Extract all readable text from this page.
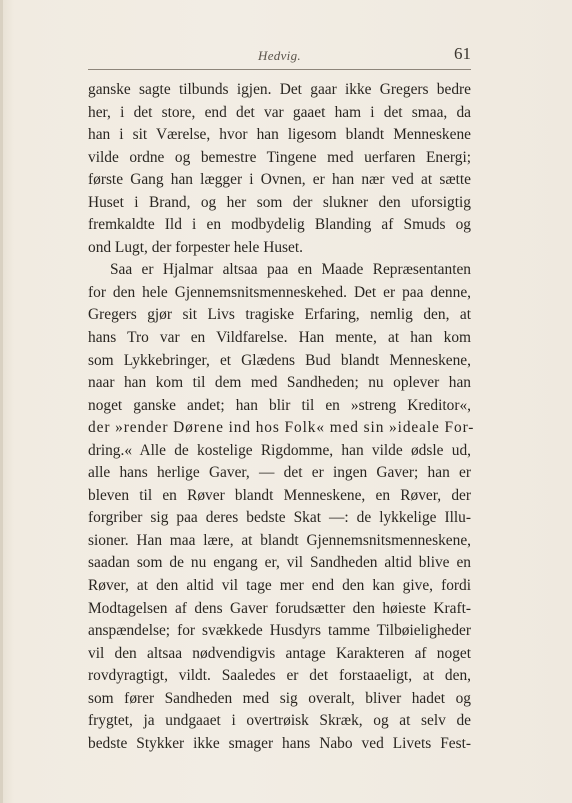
Hedvig.	61
ganske sagte tilbunds igjen. Det gaar ikke Gregers bedre
her, i det store, end det var gaaet ham i det smaa, da
han i sit Værelse, hvor han ligesom blandt Menneskene
vilde ordne og bemestre Tingene med uerfaren Energi;
første Gang han lægger i Ovnen, er han nær ved at sætte
Huset i Brand, og her som der slukner den uforsigtig
fremkaldte Ild i en modbydelig Blanding af Smuds og
ond Lugt, der forpester hele Huset.
Saa er Hjalmar altsaa paa en Maade Repræsentanten
for den hele Gjennemsnitsmenneskehed. Det er paa denne,
Gregers gjør sit Livs tragiske Erfaring, nemlig den, at
hans Tro var en Vildfarelse. Han mente, at han kom
som Lykkebringer, et Glædens Bud blandt Menneskene,
naar han kom til dem med Sandheden; nu oplever han
noget ganske andet; han blir til en »streng Kreditor«,
der »render Dørene ind hos Folk« med sin »ideale For-
dring.« Alle de kostelige Rigdomme, han vilde ødsle ud,
alle hans herlige Gaver, — det er ingen Gaver; han er
bleven til en Røver blandt Menneskene, en Røver, der
forgriber sig paa deres bedste Skat —: de lykkelige Illu-
sioner. Han maa lære, at blandt Gjennemsnitsmenneskene,
saadan som de nu engang er, vil Sandheden altid blive en
Røver, at den altid vil tage mer end den kan give, fordi
Modtagelsen af dens Gaver forudsætter den høieste Kraft-
anspændelse; for svækkede Husdyrs tamme Tilbøieligheder
vil den altsaa nødvendigvis antage Karakteren af noget
rovdyragtigt, vildt. Saaledes er det forstaaeligt, at den,
som fører Sandheden med sig overalt, bliver hadet og
frygtet, ja undgaaet i overtrøisk Skræk, og at selv de
bedste Stykker ikke smager hans Nabo ved Livets Fest-
